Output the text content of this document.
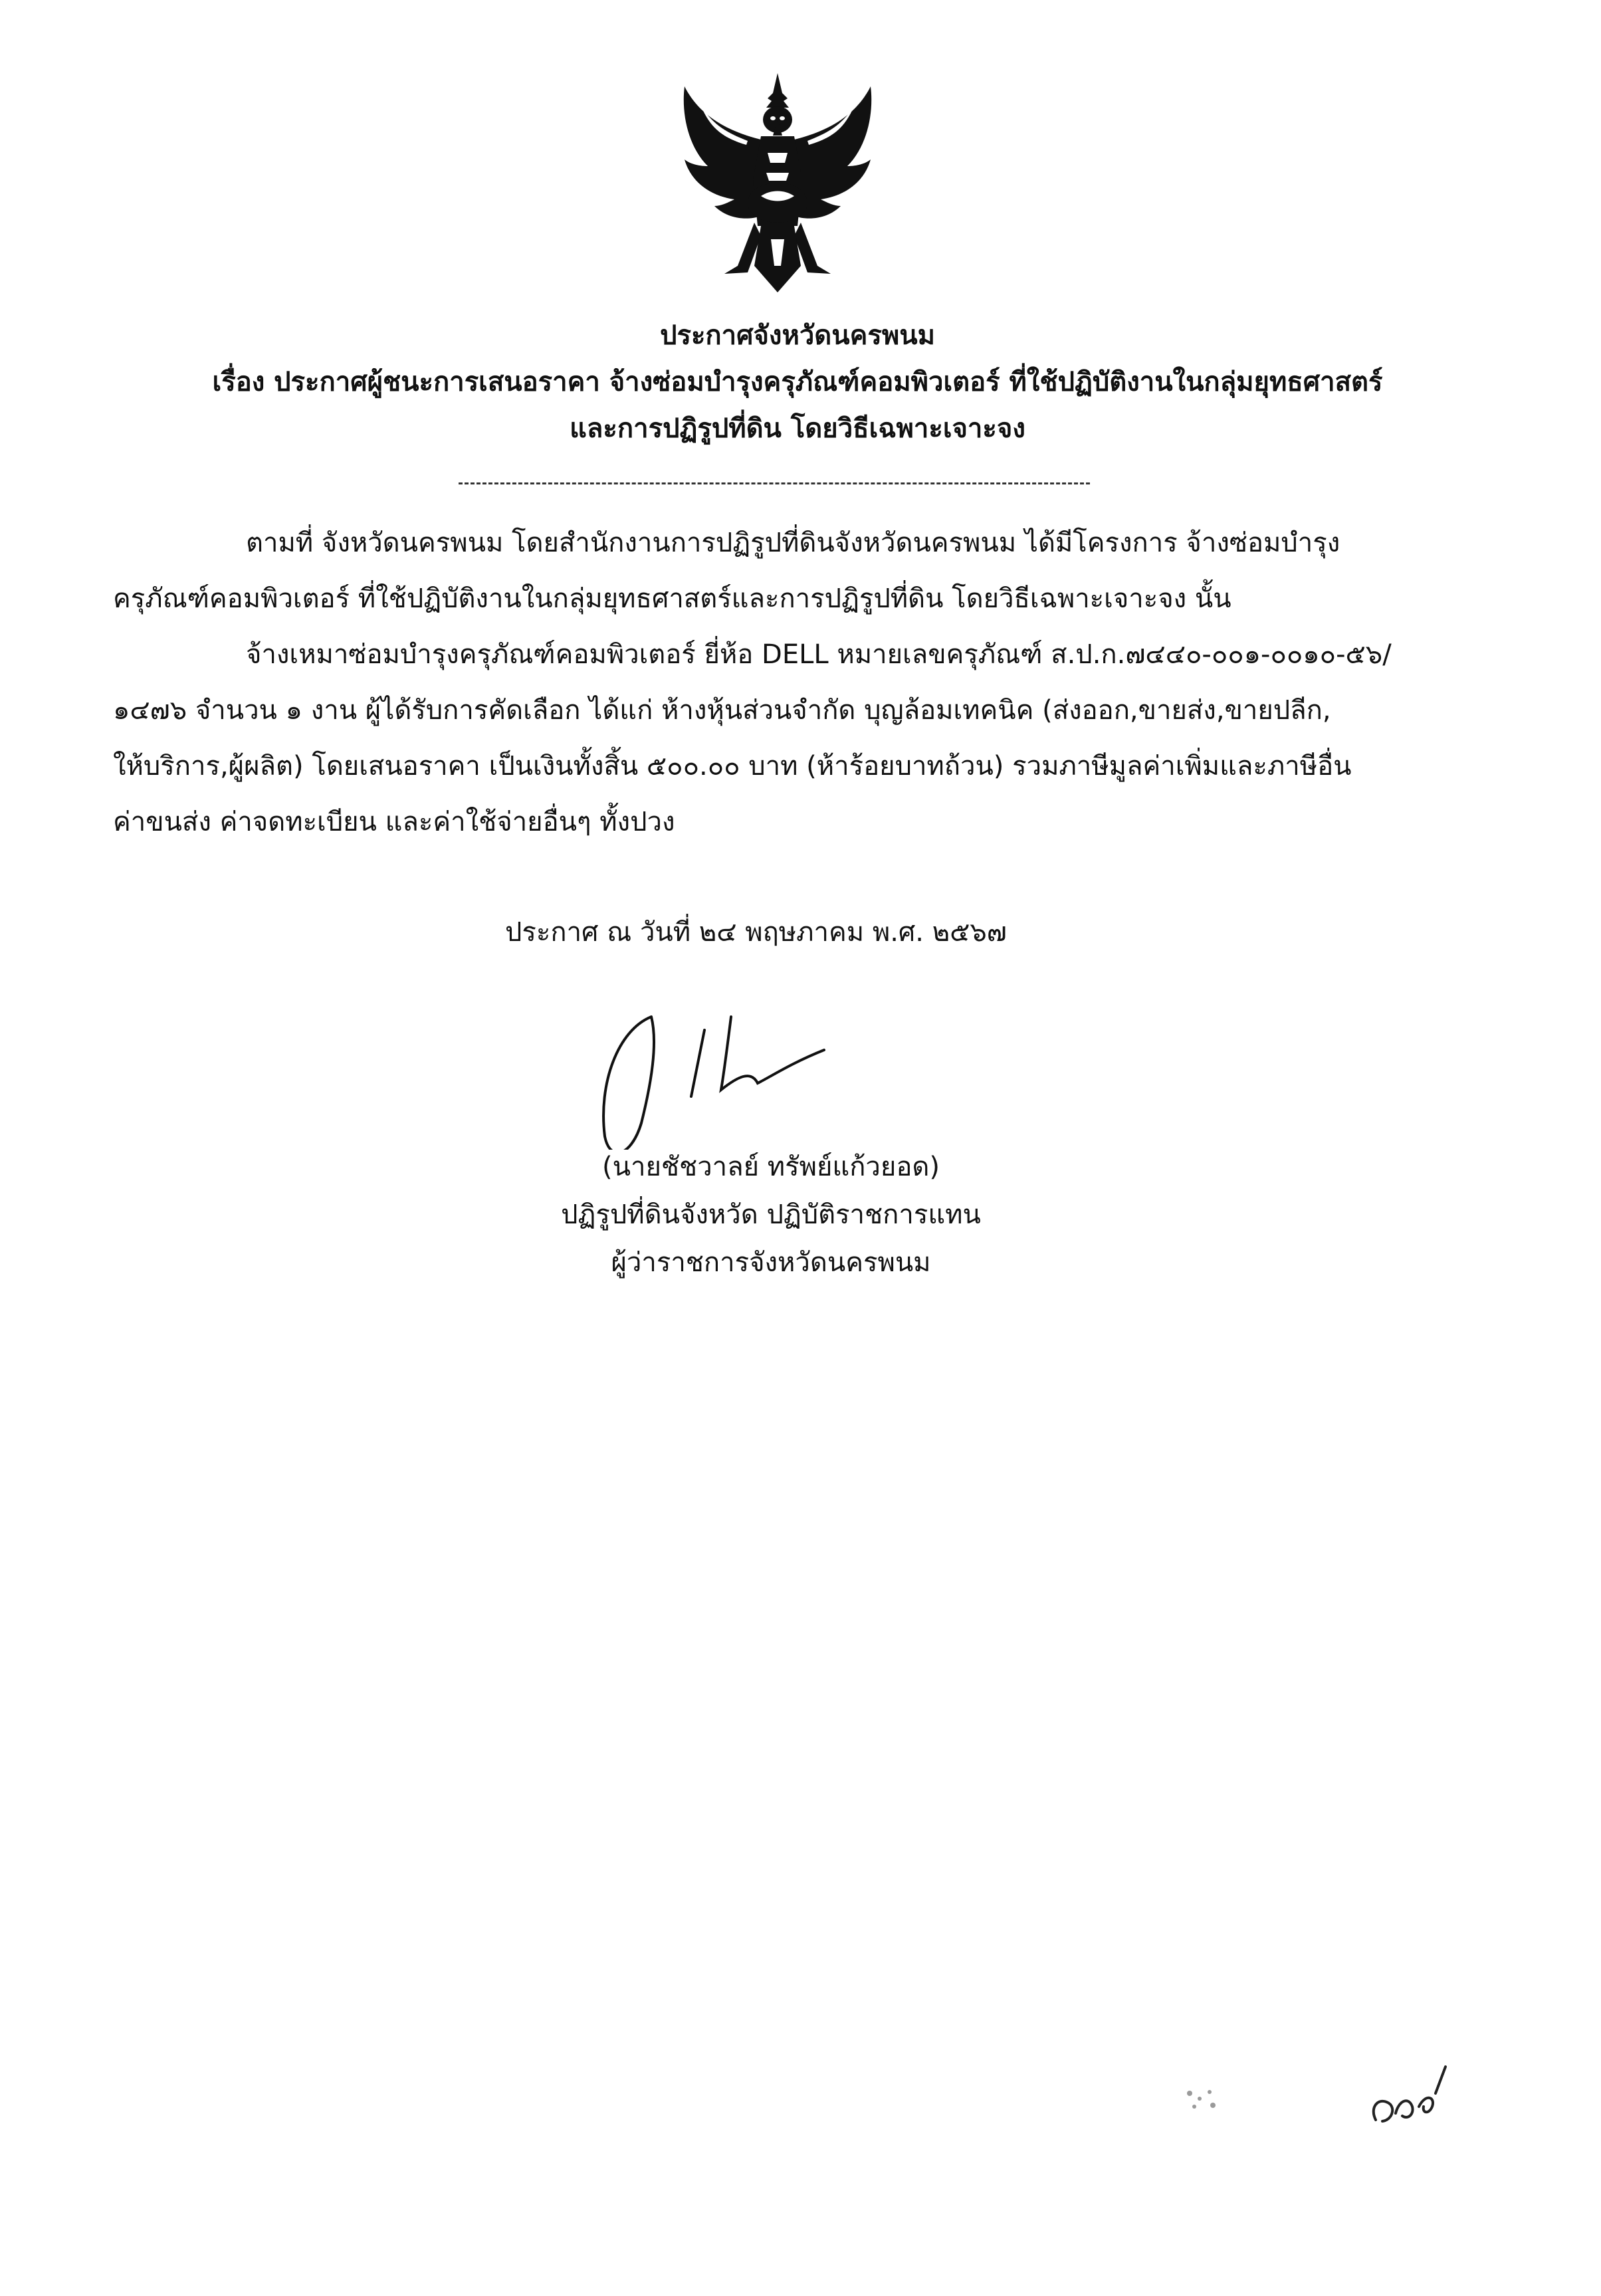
ประกาศจังหวัดนครพนม
เรื่อง ประกาศผู้ชนะการเสนอราคา จ้างซ่อมบำรุงครุภัณฑ์คอมพิวเตอร์ ที่ใช้ปฏิบัติงานในกลุ่มยุทธศาสตร์
และการปฏิรูปที่ดิน โดยวิธีเฉพาะเจาะจง
ตามที่ จังหวัดนครพนม โดยสำนักงานการปฏิรูปที่ดินจังหวัดนครพนม ได้มีโครงการ จ้างซ่อมบำรุง
ครุภัณฑ์คอมพิวเตอร์ ที่ใช้ปฏิบัติงานในกลุ่มยุทธศาสตร์และการปฏิรูปที่ดิน โดยวิธีเฉพาะเจาะจง นั้น
จ้างเหมาซ่อมบำรุงครุภัณฑ์คอมพิวเตอร์ ยี่ห้อ DELL หมายเลขครุภัณฑ์ ส.ป.ก.๗๔๔๐-๐๐๑-๐๐๑๐-๕๖/
๑๔๗๖ จำนวน ๑ งาน ผู้ได้รับการคัดเลือก ได้แก่ ห้างหุ้นส่วนจำกัด บุญล้อมเทคนิค (ส่งออก,ขายส่ง,ขายปลีก,
ให้บริการ,ผู้ผลิต) โดยเสนอราคา เป็นเงินทั้งสิ้น ๕๐๐.๐๐ บาท (ห้าร้อยบาทถ้วน) รวมภาษีมูลค่าเพิ่มและภาษีอื่น
ค่าขนส่ง ค่าจดทะเบียน และค่าใช้จ่ายอื่นๆ ทั้งปวง
ประกาศ ณ วันที่ ๒๔ พฤษภาคม พ.ศ. ๒๕๖๗
(นายชัชวาลย์ ทรัพย์แก้วยอด)
ปฏิรูปที่ดินจังหวัด ปฏิบัติราชการแทน
ผู้ว่าราชการจังหวัดนครพนม
